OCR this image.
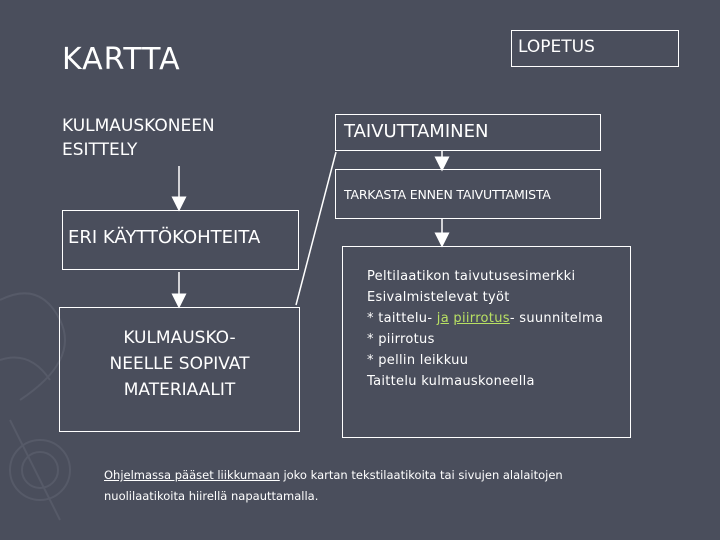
KARTTA	LOPETUS
KULMAUSKONEEN
ESITTELY
TAIVUTTAMINEN
TARKASTA ENNEN TAIVUTTAMISTA
ERI KÄYTTÖKOHTEITA
KULMAUSKO-
NEELLE SOPIVAT
MATERIAALIT
Peltilaatikon taivutusesimerkki
Esivalmistelevat työt
* taittelu- ja piirrotus- suunnitelma
* piirrotus
* pellin leikkuu
Taittelu kulmauskoneella
Ohjelmassa pääset liikkumaan joko kartan tekstilaatikoita tai sivujen alalaitojen
nuolilaatikoita hiirellä napauttamalla.
